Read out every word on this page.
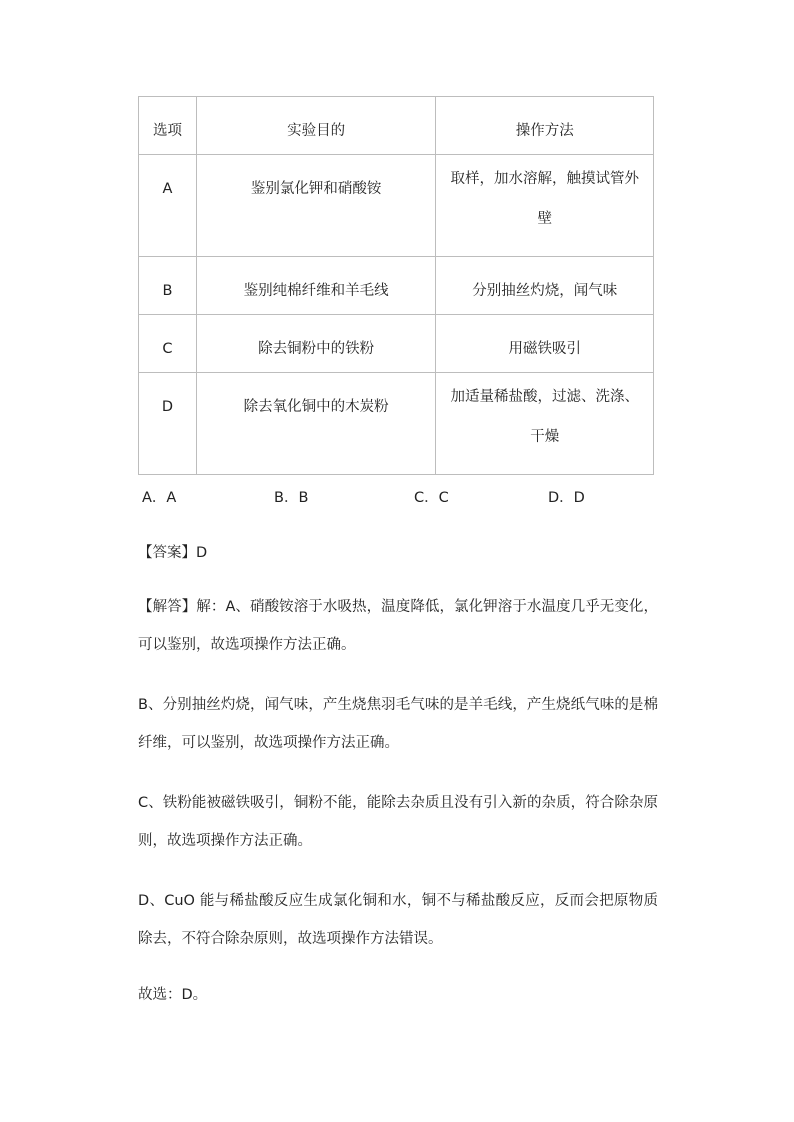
选项	实验目的	操作方法
A	鉴别氯化钾和硝酸铵	取样，加水溶解，触摸试管外
壁

B	鉴别纯棉纤维和羊毛线	分别抽丝灼烧，闻气味
C	除去铜粉中的铁粉	用磁铁吸引
D	除去氧化铜中的木炭粉	加适量稀盐酸，过滤、洗涤、
干燥
A．A	B．B	C．C	D．D

【答案】D

【解答】解：A、硝酸铵溶于水吸热，温度降低，氯化钾溶于水温度几乎无变化，可以鉴别，故选项操作方法正确。

B、分别抽丝灼烧，闻气味，产生烧焦羽毛气味的是羊毛线，产生烧纸气味的是棉纤维，可以鉴别，故选项操作方法正确。

C、铁粉能被磁铁吸引，铜粉不能，能除去杂质且没有引入新的杂质，符合除杂原则，故选项操作方法正确。

D、CuO 能与稀盐酸反应生成氯化铜和水，铜不与稀盐酸反应，反而会把原物质除去，不符合除杂原则，故选项操作方法错误。

故选：D。
